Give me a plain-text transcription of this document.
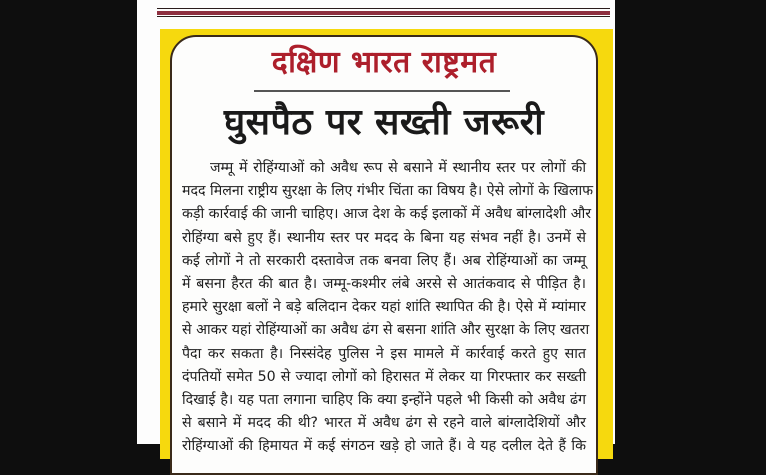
दक्षिण भारत राष्ट्रमत
घुसपैठ पर सख्ती जरूरी
जम्मू में रोहिंग्याओं को अवैध रूप से बसाने में स्थानीय स्तर पर लोगों की
मदद मिलना राष्ट्रीय सुरक्षा के लिए गंभीर चिंता का विषय है। ऐसे लोगों के खिलाफ
कड़ी कार्रवाई की जानी चाहिए। आज देश के कई इलाकों में अवैध बांग्लादेशी और
रोहिंग्या बसे हुए हैं। स्थानीय स्तर पर मदद के बिना यह संभव नहीं है। उनमें से
कई लोगों ने तो सरकारी दस्तावेज तक बनवा लिए हैं। अब रोहिंग्याओं का जम्मू
में बसना हैरत की बात है। जम्मू-कश्मीर लंबे अरसे से आतंकवाद से पीड़ित है।
हमारे सुरक्षा बलों ने बड़े बलिदान देकर यहां शांति स्थापित की है। ऐसे में म्यांमार
से आकर यहां रोहिंग्याओं का अवैध ढंग से बसना शांति और सुरक्षा के लिए खतरा
पैदा कर सकता है। निस्संदेह पुलिस ने इस मामले में कार्रवाई करते हुए सात
दंपतियों समेत 50 से ज्यादा लोगों को हिरासत में लेकर या गिरफ्तार कर सख्ती
दिखाई है। यह पता लगाना चाहिए कि क्या इन्होंने पहले भी किसी को अवैध ढंग
से बसाने में मदद की थी? भारत में अवैध ढंग से रहने वाले बांग्लादेशियों और
रोहिंग्याओं की हिमायत में कई संगठन खड़े हो जाते हैं। वे यह दलील देते हैं कि
